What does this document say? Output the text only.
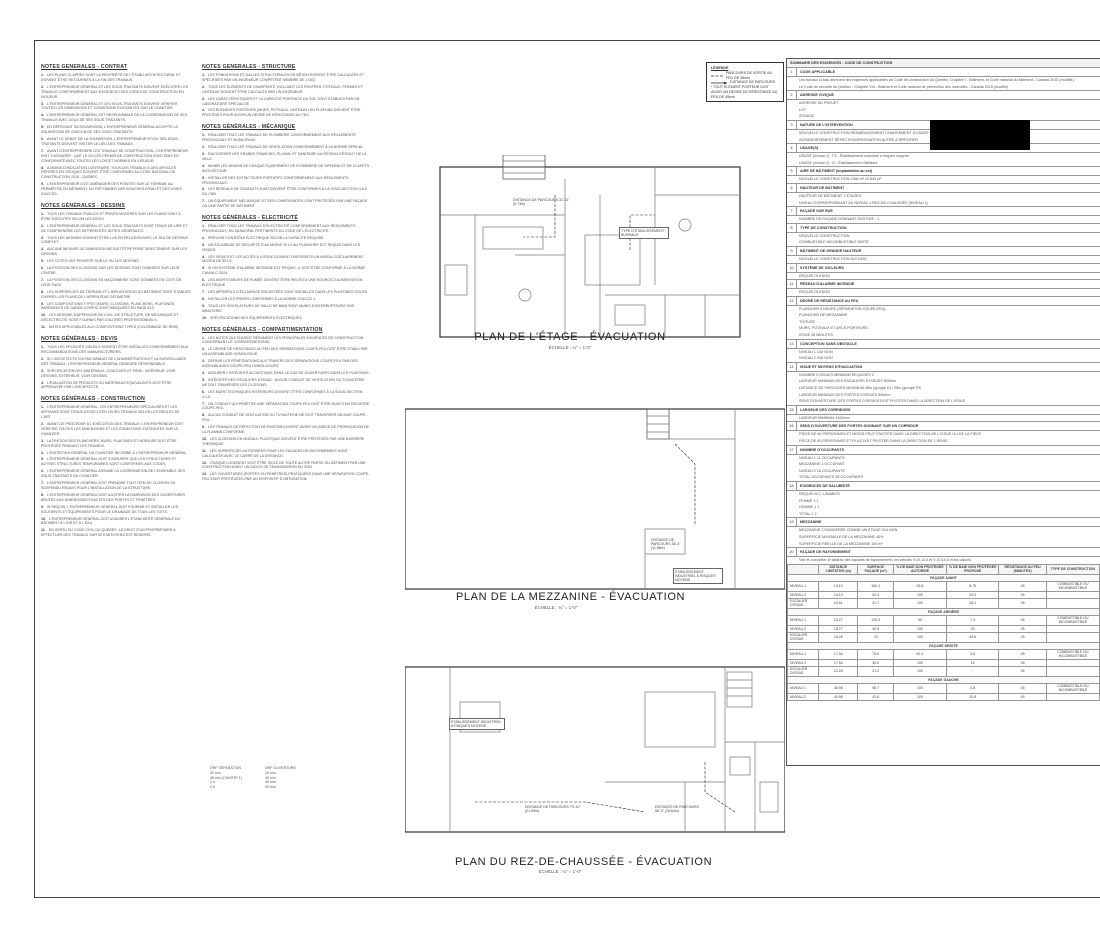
NOTES GÉNÉRALES - CONTRAT
1. LES PLANS CI-APRÈS SONT LA PROPRIÉTÉ DE L'ÉTABLI ARCHITECTURAL ET DOIVENT ÊTRE RETOURNÉS À LA FIN DES TRAVAUX.
2. L'ENTREPRENEUR GÉNÉRAL ET LES SOUS-TRAITANTS DOIVENT EXÉCUTER LES TRAVAUX CONFORMÉMENT AUX EXIGENCES DES CODES DE CONSTRUCTION EN VIGUEUR.
3. L'ENTREPRENEUR GÉNÉRAL ET LES SOUS-TRAITANTS DOIVENT VÉRIFIER TOUTES LES DIMENSIONS ET CONDITIONS EXISTANTES SUR LE CHANTIER.
4. L'ENTREPRENEUR GÉNÉRAL EST RESPONSABLE DE LA COORDINATION DE SES TRAVAUX AVEC CEUX DE SES SOUS-TRAITANTS.
5. EN DÉPOSANT SA SOUMISSION, L'ENTREPRENEUR GÉNÉRAL ACCEPTE LA SOUMISSION DE CHACUN DE SES SOUS-TRAITANTS.
6. AVANT LE DÉBUT DE LA SOUMISSION, L'ENTREPRENEUR ET/OU SES SOUS-TRAITANTS DOIVENT VISITER LE LIEU DES TRAVAUX.
7. AVANT D'ENTREPRENDRE LES TRAVAUX DE CONSTRUCTION, L'ENTREPRENEUR DOIT S'ASSURER : QUE LE OU LES PERMIS DE CONSTRUCTION SONT ÉMIS EN CONFORMITÉ AVEC TOUTES LES LOIS ET NORMES EN VIGUEUR.
8. À MOINS D'INDICATION CONTRAIRE, TOUS LES TRAVAUX À DES ARTICLES RÉFÉRÉS EN CROQUIS DOIVENT ÊTRE CONFORMES AU CODE NATIONAL DE CONSTRUCTION 2015 - QUÉBEC.
9. L'ENTREPRENEUR DOIT AMÉNAGER DES POINTES SUR LE TERRAIN, AU PÉRIMÈTRE DU BÂTIMENT, DU PIÉTONNIER DES BOUCHES D'EAU ET DES VOIES D'ACCÈS.
NOTES GÉNÉRALES - DESSINS
1. TOUS LES TRAVAUX PUBLICS ET PRIVÉS MONTRÉS SUR LES PLANS SONT À ÊTRE EXÉCUTÉS SELON LES DEVIS.
2. L'ENTREPRENEUR GÉNÉRAL ET LES SOUS-TRAITANTS SONT TENUS DE LIRE ET DE COMPRENDRE LES DIFFÉRENTES NOTES GÉNÉRALES.
3. TOUS LES DESSINS DOIVENT ÊTRE LUS EN RELATION AVEC LE JEU DE DESSINS COMPLET.
4. AUCUNE MESURE DE DIMENSION NE DOIT ÊTRE PRISE DIRECTEMENT SUR LES DESSINS.
5. LES COTES ONT PRIORITÉ SUR LE OU LES DESSINS.
6. LA POSITION DES CLOISONS SUR LES DESSINS SONT DONNÉES SUR LEUR CENTRE.
7. LA POSITION DES CLOISONS EN MAÇONNERIE SONT DONNÉES EN COTE DE LEUR FACE.
8. LES SUPERFICIES DE TERRAIN ET L'IMPLANTATION DU BÂTIMENT SONT ÉTABLIES D'APRÈS LES PLANS DE L'ARPENTEUR GÉOMÈTRE.
9. LES COMPOSITIONS TYPES (MURS, CLOISONS, PLANCHERS, PLAFONDS, PAREMENTS DE GARDE-CORPS) SONT INDIQUÉES EN PAGE A13.
10. LES DESSINS D'APPROCHE DE CIVIL, DE STRUCTURE, DE MÉCANIQUE ET D'ÉLECTRICITÉ SONT FOURNIS PAR D'AUTRES PROFESSIONNELS.
11. NOTES APPLICABLES AUX COMPOSITIONS TYPES (COLOMBAGE DE BOIS).
NOTES GÉNÉRALES - DEVIS
1. TOUS LES PRODUITS VISUELS DOIVENT ÊTRE INSTALLÉS CONFORMÉMENT AUX RECOMMANDATIONS DES MANUFACTURIERS.
2. SI L'ARCHITECTE N'A PAS MANDAT DE L'ADMINISTRATION ET LA SURVEILLANCE DES TRAVAUX, L'ENTREPRENEUR GÉNÉRAL DEMEURE RESPONSABLE.
3. SPÉCIFICATION DES MATÉRIAUX, COULEURS ET FINIS : INTÉRIEUR, VOIR DESSINS, EXTÉRIEUR, VOIR DESSINS.
4. L'ÉVALUATION DE PRODUITS OU MATÉRIAUX ÉQUIVALENTS DOIT ÊTRE APPROUVÉE PAR L'ARCHITECTE.
NOTES GÉNÉRALES - CONSTRUCTION
1. L'ENTREPRENEUR GÉNÉRAL, LES ENTREPRENEURS SPÉCIALISÉS ET LES ARTISANS SONT TENUS D'EXÉCUTER LEURS TRAVAUX SELON LES RÈGLES DE L'ART.
2. AVANT DE PROCÉDER À L'EXÉCUTION DES TRAVAUX, L'ENTREPRENEUR DOIT VÉRIFIER TOUTES LES DIMENSIONS ET LES CONDITIONS EXISTANTES SUR LE CHANTIER.
3. LA FINITION DES PLANCHERS, MURS, PLAFONDS ET MOBILIER DOIT ÊTRE PROTÉGÉE PENDANT LES TRAVAUX.
4. L'ENTRETIEN GÉNÉRAL DU CHANTIER INCOMBE À L'ENTREPRENEUR GÉNÉRAL.
5. L'ENTREPRENEUR GÉNÉRAL DOIT S'ASSURER QUE LES STRUCTURES ET AUTRES STRUCTURES TEMPORAIRES SONT CONFORMES AUX CODES.
6. L'ENTREPRENEUR GÉNÉRAL ASSUME LA COORDINATION DE L'ENSEMBLE DES SOUS-TRAITANTS DU CHANTIER.
7. L'ENTREPRENEUR GÉNÉRAL DOIT PRENDRE TOUT ITEM DE CLOISON OU SUSPENDU REQUIS POUR L'INSTALLATION DE LA STRUCTURE.
8. L'ENTREPRENEUR GÉNÉRAL DOIT AJUSTER LA DIMENSION DES OUVERTURES BRUTES AUX DIMENSIONS EXACTES DES PORTES ET FENÊTRES.
9. SI REQUIS, L'ENTREPRENEUR GÉNÉRAL DOIT FOURNIR ET INSTALLER LES SOUTIENTS ET ÉQUIPEMENTS POUR LE DRAINAGE DE TOUS LES TOITS.
10. L'ENTREPRENEUR GÉNÉRAL DOIT ASSURER L'ÉTANCHÉITÉ GÉNÉRALE DU BÂTIMENT À L'AIR ET À L'EAU.
11. EN VERTU DU CODE CIVIL DU QUÉBEC, LE DROIT D'UN PROPRIÉTAIRE À EFFECTUER DES TRAVAUX SUR SES MITOYENS EST RÉSERVÉ.
NOTES GÉNÉRALES - STRUCTURE
1. LES FONDATIONS ET DALLES STRUCTURALES EN BÉTON DOIVENT ÊTRE CALCULÉES ET SPÉCIFIÉES PAR UN INGÉNIEUR COMPÉTENT MEMBRE DE L'OIQ.
2. TOUS LES ÉLÉMENTS DE CHARPENTE, INCLUANT LES POUTRES, POTEAUX, FERMES ET LINTEAUX DOIVENT ÊTRE CALCULÉS PAR UN INGÉNIEUR.
3. LES CARACTÉRISTIQUES ET LA CAPACITÉ PORTANTE DU SOL SONT ÉTABLIES PAR UN LABORATOIRE SPÉCIALISÉ.
4. LES ÉLÉMENTS PORTEURS (MURS, POTEAUX, LINTEAUX) DU PLAFOND DOIVENT ÊTRE PROTÉGÉS POUR AVOIR UN DEGRÉ DE RÉSISTANCE AU FEU.
NOTES GÉNÉRALES - MÉCANIQUE
1. RÉALISER TOUS LES TRAVAUX DE PLOMBERIE CONFORMÉMENT AUX RÈGLEMENTS PROVINCIAUX ET MUNICIPAUX.
2. RÉALISER TOUS LES TRAVAUX DE VENTILATION CONFORMÉMENT À LA NORME NFPA 96.
3. RACCORDER LES GRANDS FRANCHIS, PLUVIAL ET SANITAIRE AU RÉSEAU D'ÉGOUT DE LA VILLE.
4. MUNIR LES DRAINS DE CHAQUE ÉQUIPEMENT DE PLOMBERIE DE SIPHONS ET DE CLAPETS ANTI-RETOUR.
5. INSTALLER DES EXTINCTEURS PORTATIFS CONFORMÉMENT AUX RÈGLEMENTS PROVINCIAUX.
6. LES RÉSEAUX DE CONDUITS D'AIR DOIVENT ÊTRE CONFORMES À LA SOUS-SECTION 3.6.5 DU CNB.
7. UN ÉQUIPEMENT MÉCANIQUE ET SES COMPOSANTES SONT PROTÉGÉS PAR UNE FAÇADE OU UNE PARTIE DE BÂTIMENT.
NOTES GÉNÉRALES - ÉLECTRICITÉ
1. RÉALISER TOUS LES TRAVAUX D'ÉLECTRICITÉ CONFORMÉMENT AUX RÈGLEMENTS PROVINCIAUX, DU MUNICIPAL PERTINENTS DU CODE DE L'ÉLECTRICITÉ.
2. PRÉVOIR CONTRÔLE ÉLECTRIQUE SELON LA CAPACITÉ REQUISE.
3. UN ÉCLAIRAGE DE SÉCURITÉ D'AU MOINS 10 LX AU PLANCHER EST REQUIS DANS LES ISSUES.
4. LES ISSUES ET LES ACCÈS À L'ISSUE DOIVENT DISPOSER D'UN NIVEAU D'ÉCLAIREMENT MOYEN DE 50 LX.
5. SI UN SYSTÈME D'ALARME INCENDIE EST REQUIS, IL DOIT ÊTRE CONFORME À LA NORME CAN/ULC-S524.
6. LES AVERTISSEURS DE FUMÉE DOIVENT ÊTRE RELIÉS À UNE SOURCE D'ALIMENTATION ÉLECTRIQUE.
7. LES APPAREILS D'ÉCLAIRAGE ENCASTRÉS SONT INSTALLÉS DANS LES PLAFONDS ISOLÉS.
8. INSTALLER LES PRISES CONFORMES À LA NORME CSA C22.1.
9. TOUS LES VENTILATEURS DE SALLE DE BAIN SONT MUNIS D'INTERRUPTEURS SUR MINUTERIE.
10. SPÉCIFICATIONS DES ÉQUIPEMENTS ÉLECTRIQUES.
NOTES GÉNÉRALES - COMPARTIMENTATION
1. LES NOTES QUI SUIVENT RÉSUMENT LES PRINCIPALES EXIGENCES DE CONSTRUCTION CONCERNANT LE COMPARTIMENTAGE.
2. LE DEGRÉ DE RÉSISTANCE AU FEU DES SÉPARATIONS COUPE-FEU DOIT ÊTRE ÉTABLI PAR UN ASSEMBLAGE HOMOLOGUÉ.
3. DÉFINIR LES PÉNÉTRATIONS AUX TRAVERS DES SÉPARATIONS COUPE-FEU PAR DES ASSEMBLAGES COUPE-FEU HOMOLOGUÉS.
4. ASSURER L'INTÉGRITÉ ACOUSTIQUE DANS LE CAS DE OUVERTURES DANS LES PLAFONDS.
5. INTÉGRITÉ DES ESCALIERS D'ISSUE : AUCUN CONDUIT DE VENTILATION OU TUYAUTERIE NE DOIT TRAVERSER LES CLOISONS.
6. LES MURS TECHNIQUES INTÉRIEURS DOIVENT ÊTRE CONFORMES À LA SOUS-SECTION 3.1.9.
7. UN CONDUIT QUI PÉNÈTRE UNE SÉPARATION COUPE-FEU DOIT ÊTRE MUNI D'UN REGISTRE COUPE-FEU.
8. AUCUN CONDUIT DE VENTILATION OU TUYAUTERIE NE DOIT TRAVERSER UN MUR COUPE-FEU.
9. LES TRAVAUX DE RÉFECTION DE FINITION DOIVENT AVOIR UN INDICE DE PROPAGATION DE LA FLAMME CONFORME.
10. LES CLOISONS EN MODULE PLASTIQUE DOIVENT ÊTRE PROTÉGÉS PAR UNE BARRIÈRE THERMIQUE.
11. LES SUPERFICIES AUTORISÉES POUR LES FAÇADES DE RAYONNEMENT SONT CALCULÉES AVEC LE CARRÉ DE LA DISTANCE.
12. CHAQUE LOGEMENT DOIT ÊTRE ISOLÉ DE TOUTE AUTRE PARTIE DU BÂTIMENT PAR UNE CONSTRUCTION AYANT UN INDICE DE TRANSMISSION DU SON.
13. LES OUVERTURES (PORTES OU FENÊTRES) PRATIQUÉES DANS UNE SÉPARATION COUPE-FEU SONT PROTÉGÉES PAR UN DISPOSITIF D'OBTURATION.
DRF SÉPARATION	DRF OUVERTURE
30 min	20 min
45 min (CHARTE 1)	45 min
1 h	45 min
2 h	90 min
LÉGENDE
PARCOURS DE SORTIE AU FEU DE 45min
DISTANCE DE PARCOURS
* TOUT ÉLÉMENT PORTEUR DOIT AVOIR UN DEGRÉ DE RÉSISTANCE AU FEU DE 45min
DISTANCE DE PARCOURS 31'-11" (9.73m)
TYPE D'ÉTABLISSEMENT : BUREAUX
PLAN DE L'ÉTAGE - ÉVACUATION
ÉCHELLE : ¼" = 1'-0"
DISTANCE DE PARCOURS 38'-4" (11.68m)
ÉTABLISSEMENT INDUSTRIEL À RISQUES MOYENS
PLAN DE LA MEZZANINE - ÉVACUATION
ÉCHELLE : ¼" = 1'-0"
ÉTABLISSEMENT INDUSTRIEL À RISQUES MOYENS
DISTANCE DE PARCOURS 70'-10" (21.59m)
DISTANCE DE PARCOURS 55'-3" (16.84m)
PLAN DU REZ-DE-CHAUSSÉE - ÉVACUATION
ÉCHELLE : ¼" = 1'-0"
SOMMAIRE DES EXIGENCES - CODE DE CONSTRUCTION
1	CODE APPLICABLE
Les travaux ci-bas décrivent les exigences applicables du Code de construction du Québec, Chapitre I - Bâtiment, et Code national du bâtiment - Canada 2015 (modifié).
Le Code de sécurité du Québec - Chapitre VIII - Bâtiment et Code national de prévention des incendies - Canada 2015 (modifié)
2	ADRESSE CIVIQUE
ADRESSE DU PROJET
LOT
ZONAGE
3	NATURE DE L'INTERVENTION
NOUVELLE CONSTRUCTION RÉAMÉNAGEMENT CHANGEMENT D'USAGE
AGRANDISSEMENT RÉFECTION/RÉNOVATION AUTRE À SPÉCIFIER
4	USAGE(S)
USAGE (niveau 1) : F2 - Établissement industriel à risques moyens
USAGE (niveau 2) : D - Établissement d'affaires
5	AIRE DE BÂTIMENT (Implantation au sol)
NOUVELLE CONSTRUCTION ±356 m² ±3 833 pi²
6	HAUTEUR DE BÂTIMENT
HAUTEUR DE BÂTIMENT 2 ÉTAGES
NIVEAU CORRESPONDANT AU NIVEAU 1 REZ-DE-CHAUSSÉE (NIVEAU 1)
7	FAÇADE SUR RUE
NOMBRE DE FAÇADE DONNANT SUR RUE : 1
8	TYPE DE CONSTRUCTION
NOUVELLE CONSTRUCTION
COMBUSTIBLE INCOMBUSTIBLE MIXTE
9	BÂTIMENT DE GRANDE HAUTEUR
NOUVELLE CONSTRUCTION OUI NON
10	SYSTÈME DE GICLEURS
REQUIS OUI NON
11	RÉSEAU D'ALARME INCENDIE
REQUIS OUI NON
12	DEGRÉ DE RÉSISTANCE AU FEU
PLANCHER 0 HEURE (SÉPARATION COUPE-FEU)
PLANCHER DE MEZZANINE
TOITURE
MURS, POTEAUX ET ARCS PORTEURS
ISSUE 45 MINUTES
13	CONCEPTION SANS OBSTACLE
NIVEAU 1 OUI NON
NIVEAU 2 OUI NON
14	ISSUE ET MOYENS D'ÉVACUATION
NOMBRE D'ISSUES MINIMUM REQUISES 2
LARGEUR MINIMUM DES ESCALIERS D'ISSUES 900mm
DISTANCE DE PARCOURS MAXIMUM 45m (groupe D) / 25m (groupe F2)
LARGEUR MINIMUM DES PORTES D'ISSUES 800mm
SENS D'OUVERTURE DES PORTES D'ISSUES DOIT PIVOTER DANS LA DIRECTION DE L'ISSUE
15	LARGEUR DES CORRIDORS
LARGEUR MINIMUM 1100mm
16	SENS D'OUVERTURE DES PORTES DONNANT SUR UN CORRIDOR
PIÈCE DE 60 PERSONNES ET MOINS PEUT PIVOTER DANS LA DIRECTION DE L'ISSUE OU DE LA PIÈCE
PIÈCE DE 60 PERSONNES ET PLUS DOIT PIVOTER DANS LA DIRECTION DE L'ISSUE
17	NOMBRE D'OCCUPANTS
NIVEAU 1 11 OCCUPANTS
MEZZANINE 1 OCCUPANT
NIVEAU 2 16 OCCUPANTS
TOTAL OCCUPANTS 28 OCCUPANTS
18	EXIGENCES DE SALUBRITÉ
REQUIS W.C. LAVABOS
FEMME 1 1
HOMME 1 1
TOTAL 2 2
19	MEZZANINE
MEZZANINE CONSIDÉRÉE COMME UN ÉTAGE OUI NON
SUPERFICIE MAXIMALE DE LA MEZZANINE 40%
SUPERFICIE RÉELLE DE LA MEZZANINE 100 m²
20	FAÇADE DE RAYONNEMENT
Voir et compléter le tableau des façades de rayonnement, les articles 9.10.14.4 et 9.10.14.5 et les calculs
	DISTANCE LIMITATIVE (m)	SURFACE FAÇADE (m²)	% DE BAIE NON PROTÉGÉE AUTORISÉ	% DE BAIE NON PROTÉGÉE PROPOSÉ	RÉSISTANCE AU FEU (MINUTES)	TYPE DE CONSTRUCTION
FAÇADE AVANT						
NIVEAU 1	10.10	152.1	26.6	8.75	45	COMBUSTIBLE OU INCOMBUSTIBLE
NIVEAU 2	10.10	52.3	100	29.3	45	
ESCALIER D'ISSUE	10.61	21.7	100	26.1	45	
FAÇADE ARRIÈRE						
NIVEAU 1	15.27	125.3	92	7.4	45	COMBUSTIBLE OU INCOMBUSTIBLE
NIVEAU 2	15.27	40.5	100	29	45	
ESCALIER D'ISSUE	16.26	76	100	49.6	45	
FAÇADE DROITE						
NIVEAU 1	17.54	75.6	81.4	3.6	45	COMBUSTIBLE OU INCOMBUSTIBLE
NIVEAU 2	17.54	35.5	100	16	45	
ESCALIER D'ISSUE	12.28	21.2	100	-	45	
FAÇADE GAUCHE						
NIVEAU 1	40.98	98.7	100	2.8	45	COMBUSTIBLE OU INCOMBUSTIBLE
NIVEAU 2	40.98	42.8	100	20.8	45	
